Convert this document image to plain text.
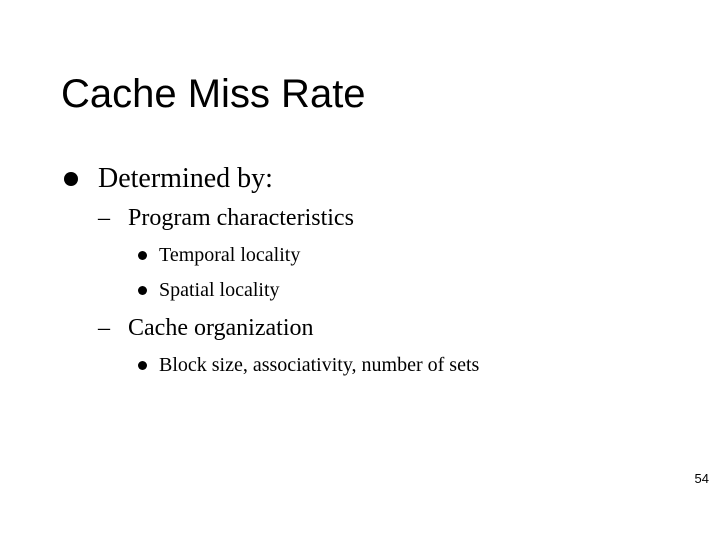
Cache Miss Rate
Determined by:
– Program characteristics
Temporal locality
Spatial locality
– Cache organization
Block size, associativity, number of sets
54
